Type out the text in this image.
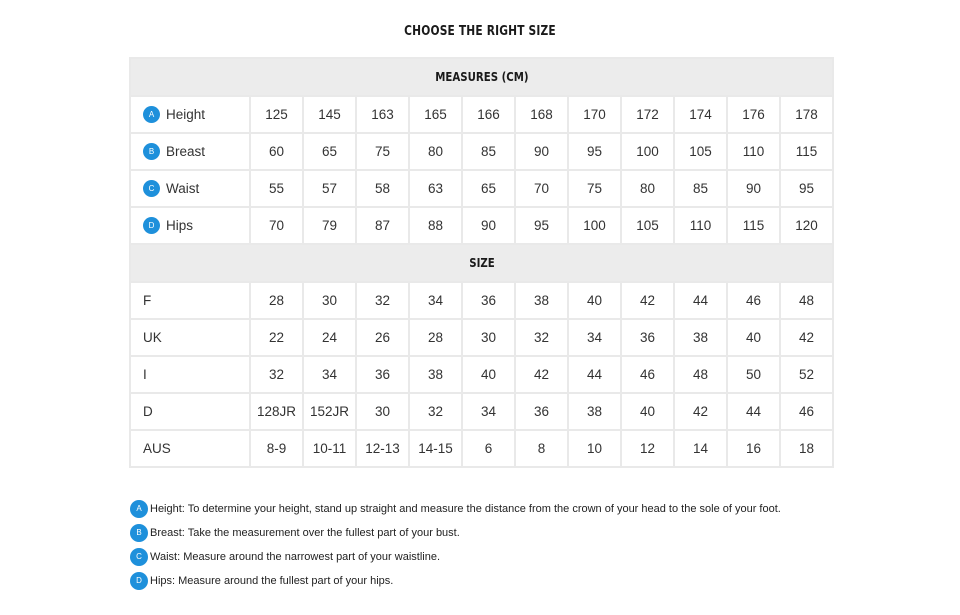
CHOOSE THE RIGHT SIZE
MEASURES (CM)											
A Height	125	145	163	165	166	168	170	172	174	176	178
B Breast	60	65	75	80	85	90	95	100	105	110	115
C Waist	55	57	58	63	65	70	75	80	85	90	95
D Hips	70	79	87	88	90	95	100	105	110	115	120
SIZE											
F	28	30	32	34	36	38	40	42	44	46	48
UK	22	24	26	28	30	32	34	36	38	40	42
I	32	34	36	38	40	42	44	46	48	50	52
D	128JR	152JR	30	32	34	36	38	40	42	44	46
AUS	8-9	10-11	12-13	14-15	6	8	10	12	14	16	18
A Height: To determine your height, stand up straight and measure the distance from the crown of your head to the sole of your foot.
B Breast: Take the measurement over the fullest part of your bust.
C Waist: Measure around the narrowest part of your waistline.
D Hips: Measure around the fullest part of your hips.
